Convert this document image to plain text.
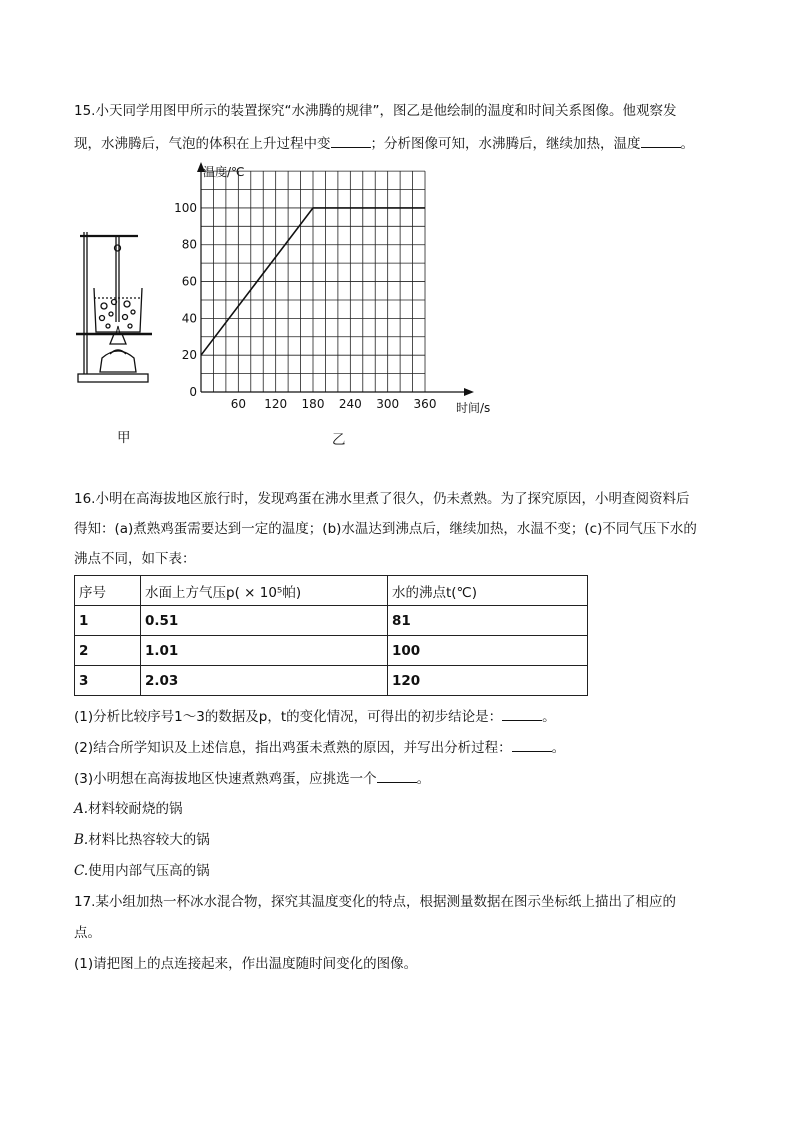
15.小天同学用图甲所示的装置探究“水沸腾的规律”，图乙是他绘制的温度和时间关系图像。他观察发
现，水沸腾后，气泡的体积在上升过程中变	；分析图像可知，水沸腾后，继续加热，温度	。
甲
60 120 180 240 300 360
20
40
60
80
100
0
温度/℃
时间/s
乙
16.小明在高海拔地区旅行时，发现鸡蛋在沸水里煮了很久，仍未煮熟。为了探究原因，小明查阅资料后
得知：(a)煮熟鸡蛋需要达到一定的温度；(b)水温达到沸点后，继续加热，水温不变；(c)不同气压下水的
沸点不同，如下表：
序号	水面上方气压p( × 10⁵帕)	水的沸点t(℃)
1	0.51	81
2	1.01	100
3	2.03	120
(1)分析比较序号1～3的数据及p，t的变化情况，可得出的初步结论是：	。
(2)结合所学知识及上述信息，指出鸡蛋未煮熟的原因，并写出分析过程：	。
(3)小明想在高海拔地区快速煮熟鸡蛋，应挑选一个	。
A.材料较耐烧的锅
B.材料比热容较大的锅
C.使用内部气压高的锅
17.某小组加热一杯冰水混合物，探究其温度变化的特点，根据测量数据在图示坐标纸上描出了相应的
点。
(1)请把图上的点连接起来，作出温度随时间变化的图像。
